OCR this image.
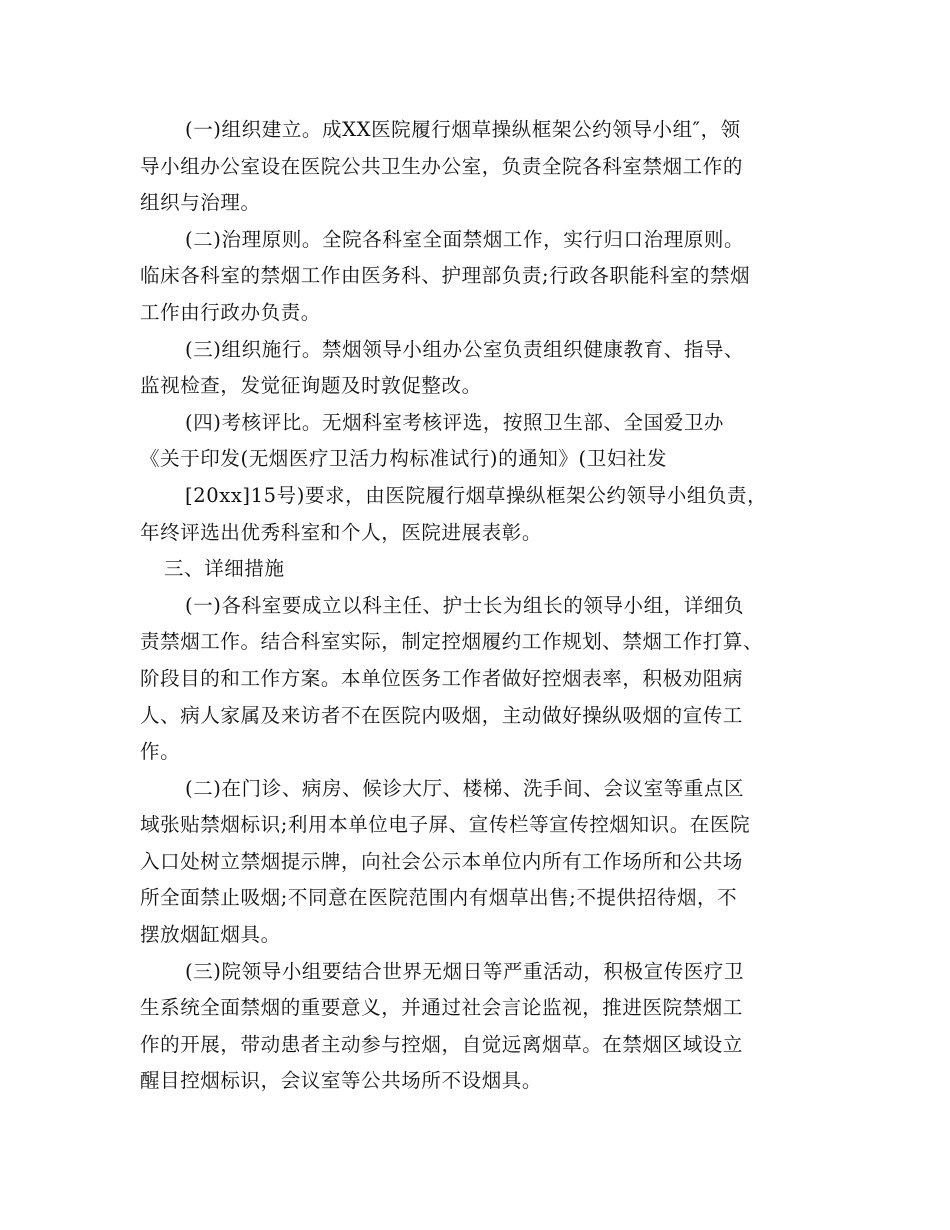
(一)组织建立。成XX医院履行烟草操纵框架公约领导小组″，领
导小组办公室设在医院公共卫生办公室，负责全院各科室禁烟工作的
组织与治理。
(二)治理原则。全院各科室全面禁烟工作，实行归口治理原则。
临床各科室的禁烟工作由医务科、护理部负责;行政各职能科室的禁烟
工作由行政办负责。
(三)组织施行。禁烟领导小组办公室负责组织健康教育、指导、
监视检查，发觉征询题及时敦促整改。
(四)考核评比。无烟科室考核评选，按照卫生部、全国爱卫办
《关于印发(无烟医疗卫活力构标准试行)的通知》(卫妇社发
[20xx]15号)要求，由医院履行烟草操纵框架公约领导小组负责，
年终评选出优秀科室和个人，医院进展表彰。
三、详细措施
(一)各科室要成立以科主任、护士长为组长的领导小组，详细负
责禁烟工作。结合科室实际，制定控烟履约工作规划、禁烟工作打算、
阶段目的和工作方案。本单位医务工作者做好控烟表率，积极劝阻病
人、病人家属及来访者不在医院内吸烟，主动做好操纵吸烟的宣传工
作。
(二)在门诊、病房、候诊大厅、楼梯、洗手间、会议室等重点区
域张贴禁烟标识;利用本单位电子屏、宣传栏等宣传控烟知识。在医院
入口处树立禁烟提示牌，向社会公示本单位内所有工作场所和公共场
所全面禁止吸烟;不同意在医院范围内有烟草出售;不提供招待烟，不
摆放烟缸烟具。
(三)院领导小组要结合世界无烟日等严重活动，积极宣传医疗卫
生系统全面禁烟的重要意义，并通过社会言论监视，推进医院禁烟工
作的开展，带动患者主动参与控烟，自觉远离烟草。在禁烟区域设立
醒目控烟标识，会议室等公共场所不设烟具。
